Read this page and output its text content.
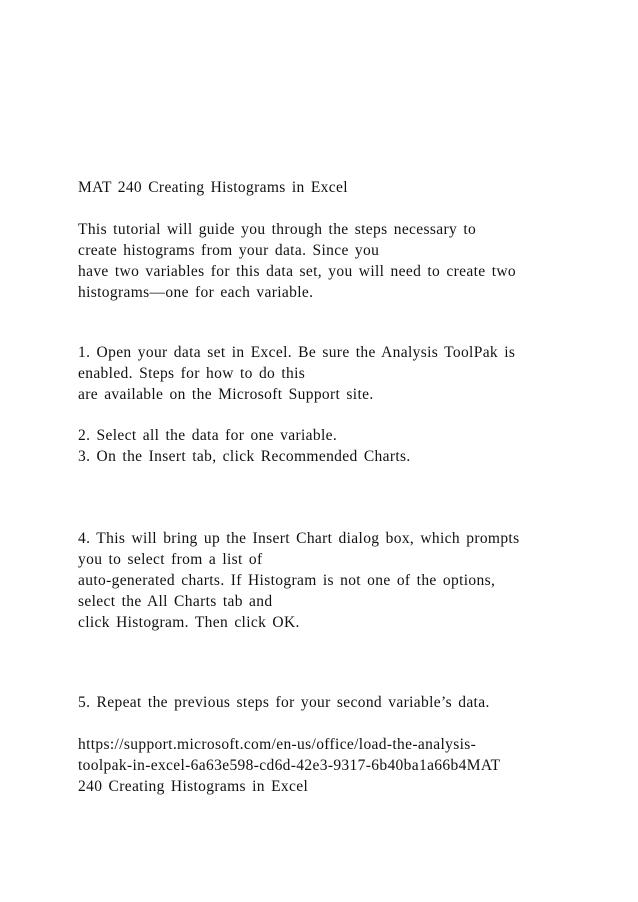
MAT 240 Creating Histograms in Excel
This tutorial will guide you through the steps necessary to
create histograms from your data. Since you
have two variables for this data set, you will need to create two
histograms—one for each variable.
1. Open your data set in Excel. Be sure the Analysis ToolPak is
enabled. Steps for how to do this
are available on the Microsoft Support site.
2. Select all the data for one variable.
3. On the Insert tab, click Recommended Charts.
4. This will bring up the Insert Chart dialog box, which prompts
you to select from a list of
auto-generated charts. If Histogram is not one of the options,
select the All Charts tab and
click Histogram. Then click OK.
5. Repeat the previous steps for your second variable’s data.
https://support.microsoft.com/en-us/office/load-the-analysis-
toolpak-in-excel-6a63e598-cd6d-42e3-9317-6b40ba1a66b4MAT
240 Creating Histograms in Excel
